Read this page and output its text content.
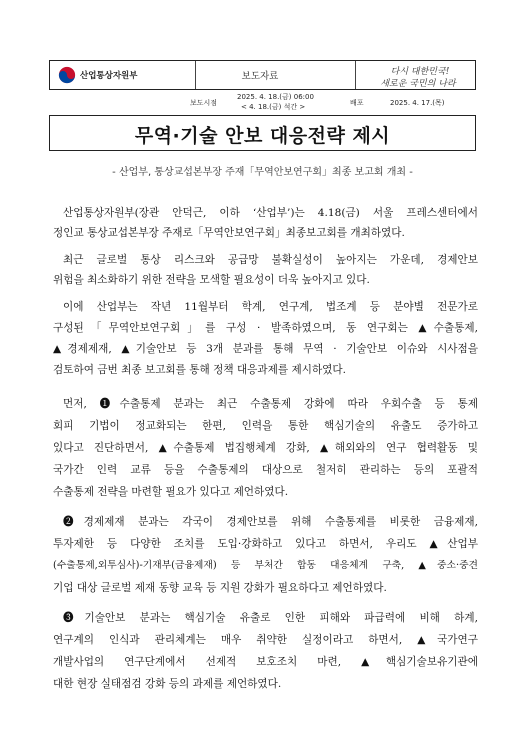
산업통상자원부	보도자료	다시 대한민국!
새로운 국민의 나라
보도시점
2025. 4. 18.(금) 06:00
< 4. 18.(금) 석간 >	배포	2025. 4. 17.(목)
무역·기술 안보 대응전략 제시
- 산업부, 통상교섭본부장 주재「무역안보연구회」최종 보고회 개최 -
산업통상자원부(장관 안덕근, 이하 ‘산업부’)는 4.18(금) 서울 프레스센터에서
정인교 통상교섭본부장 주재로「무역안보연구회」최종보고회를 개최하였다.
최근 글로벌 통상 리스크와 공급망 불확실성이 높아지는 가운데, 경제안보
위험을 최소화하기 위한 전략을 모색할 필요성이 더욱 높아지고 있다.
이에 산업부는 작년 11월부터 학계, 연구계, 법조계 등 분야별 전문가로
구성된「무역안보연구회」를 구성 · 발족하였으며, 동 연구회는 ▲수출통제,
▲경제제재, ▲기술안보 등 3개 분과를 통해 무역 · 기술안보 이슈와 시사점을
검토하여 금번 최종 보고회를 통해 정책 대응과제를 제시하였다.
먼저, ❶수출통제 분과는 최근 수출통제 강화에 따라 우회수출 등 통제
회피 기법이 정교화되는 한편, 인력을 통한 핵심기술의 유출도 증가하고
있다고 진단하면서, ▲수출통제 법집행체계 강화, ▲해외와의 연구 협력활동 및
국가간 인력 교류 등을 수출통제의 대상으로 철저히 관리하는 등의 포괄적
수출통제 전략을 마련할 필요가 있다고 제언하였다.
❷경제제재 분과는 각국이 경제안보를 위해 수출통제를 비롯한 금융제재,
투자제한 등 다양한 조치를 도입·강화하고 있다고 하면서, 우리도 ▲산업부
(수출통제,외투심사)-기재부(금융제재) 등 부처간 합동 대응체계 구축, ▲중소·중견
기업 대상 글로벌 제재 동향 교육 등 지원 강화가 필요하다고 제언하였다.
❸기술안보 분과는 핵심기술 유출로 인한 피해와 파급력에 비해 하계,
연구계의 인식과 관리체계는 매우 취약한 실정이라고 하면서, ▲국가연구
개발사업의 연구단계에서 선제적 보호조치 마련, ▲핵심기술보유기관에
대한 현장 실태점검 강화 등의 과제를 제언하였다.
